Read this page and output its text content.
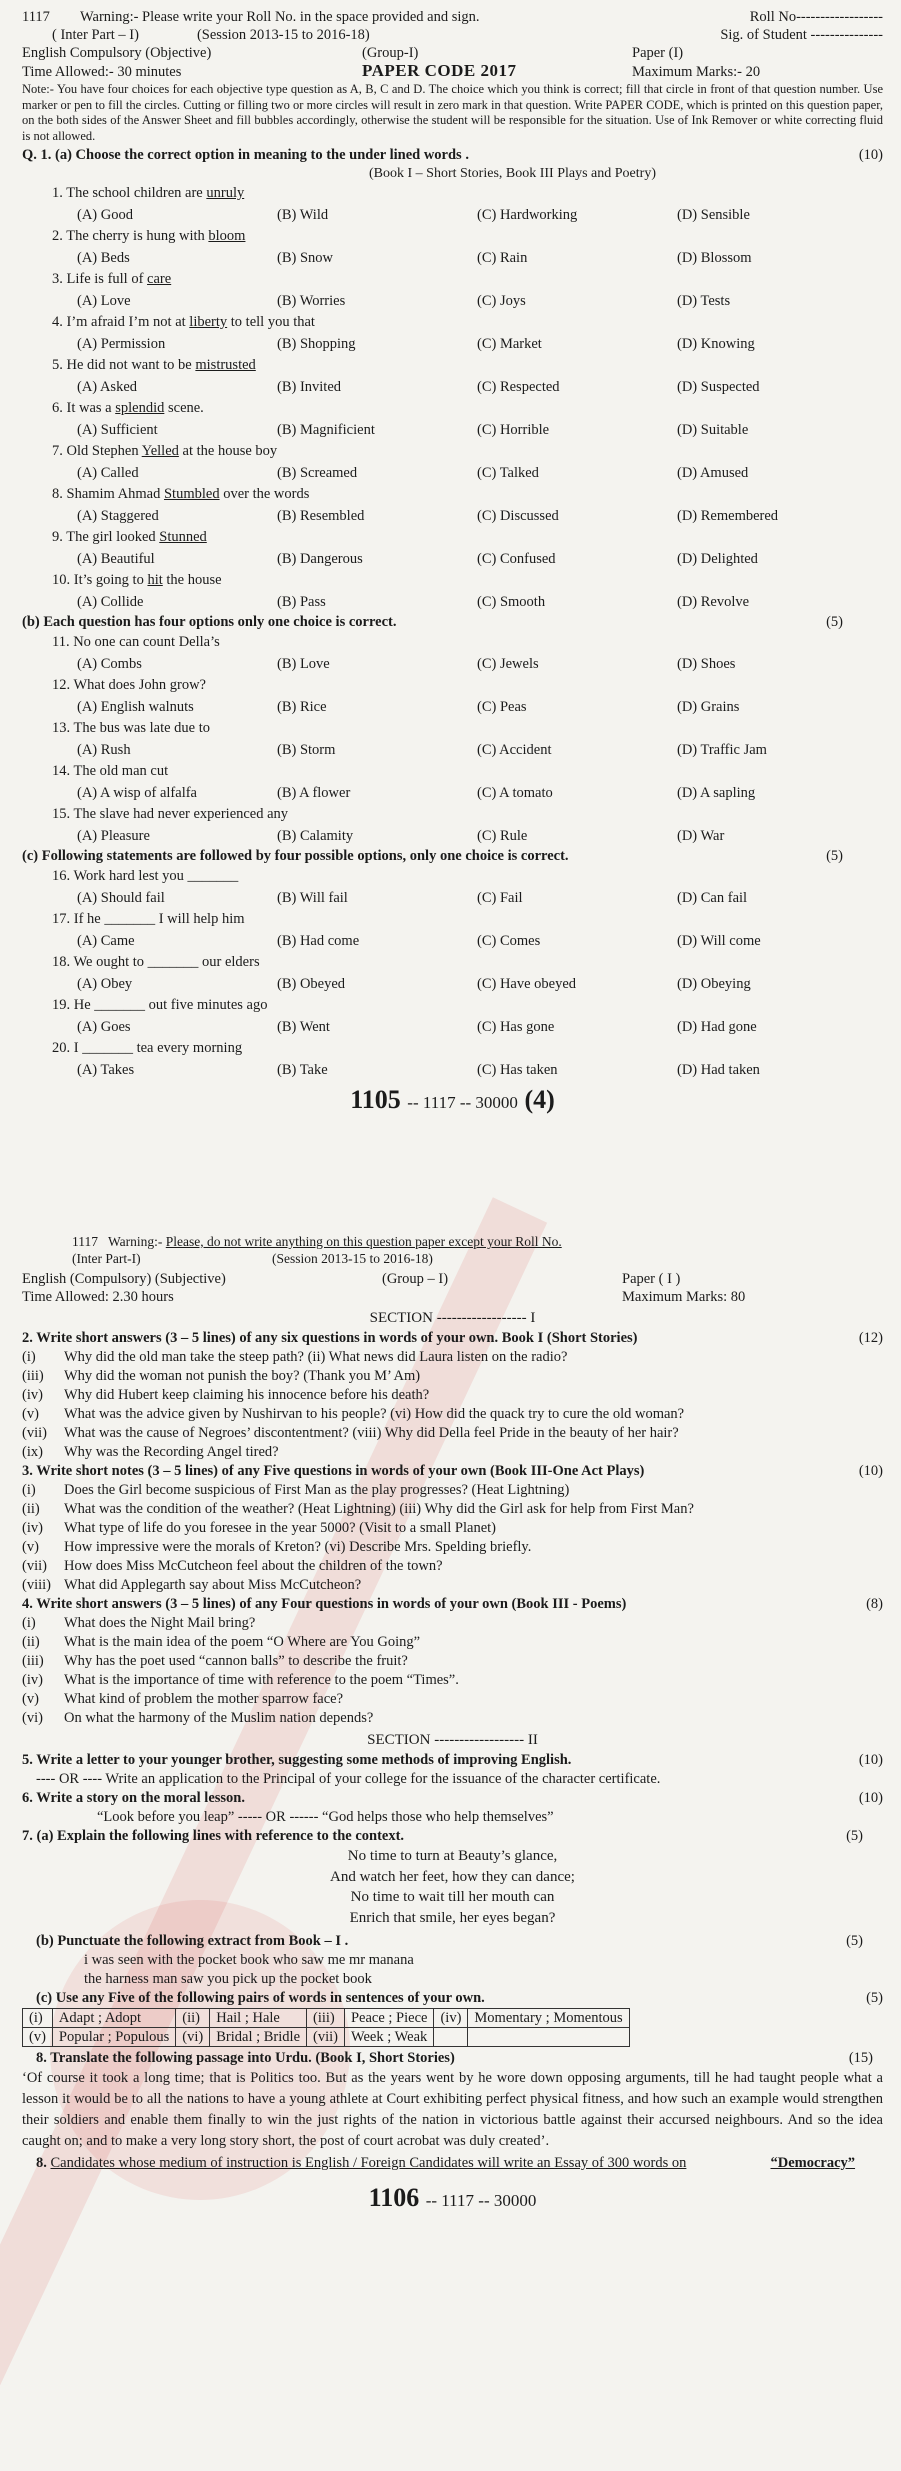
1117	Warning:- Please write your Roll No. in the space provided and sign.	Roll No------------------
( Inter Part – I)	(Session 2013-15 to 2016-18)	Sig. of Student ---------------
English Compulsory (Objective)	(Group-I)	Paper (I)
Time Allowed:- 30 minutes	PAPER CODE 2017	Maximum Marks:- 20
Note:- You have four choices for each objective type question as A, B, C and D. The choice which you think is correct; fill that circle in front of that question number. Use marker or pen to fill the circles. Cutting or filling two or more circles will result in zero mark in that question. Write PAPER CODE, which is printed on this question paper, on the both sides of the Answer Sheet and fill bubbles accordingly, otherwise the student will be responsible for the situation. Use of Ink Remover or white correcting fluid is not allowed.
Q. 1. (a) Choose the correct option in meaning to the under lined words .	(10)
(Book I – Short Stories, Book III Plays and Poetry)
1. The school children are unruly
(A) Good	(B) Wild	(C) Hardworking	(D) Sensible
2. The cherry is hung with bloom
(A) Beds	(B) Snow	(C) Rain	(D) Blossom
3. Life is full of care
(A) Love	(B) Worries	(C) Joys	(D) Tests
4. I’m afraid I’m not at liberty to tell you that
(A) Permission	(B) Shopping	(C) Market	(D) Knowing
5. He did not want to be mistrusted
(A) Asked	(B) Invited	(C) Respected	(D) Suspected
6. It was a splendid scene.
(A) Sufficient	(B) Magnificient	(C) Horrible	(D) Suitable
7. Old Stephen Yelled at the house boy
(A) Called	(B) Screamed	(C) Talked	(D) Amused
8. Shamim Ahmad Stumbled over the words
(A) Staggered	(B) Resembled	(C) Discussed	(D) Remembered
9. The girl looked Stunned
(A) Beautiful	(B) Dangerous	(C) Confused	(D) Delighted
10. It’s going to hit the house
(A) Collide	(B) Pass	(C) Smooth	(D) Revolve
(b) Each question has four options only one choice is correct.	(5)
11. No one can count Della’s
(A) Combs	(B) Love	(C) Jewels	(D) Shoes
12. What does John grow?
(A) English walnuts	(B) Rice	(C) Peas	(D) Grains
13. The bus was late due to
(A) Rush	(B) Storm	(C) Accident	(D) Traffic Jam
14. The old man cut
(A) A wisp of alfalfa	(B) A flower	(C) A tomato	(D) A sapling
15. The slave had never experienced any
(A) Pleasure	(B) Calamity	(C) Rule	(D) War
(c) Following statements are followed by four possible options, only one choice is correct.	(5)
16. Work hard lest you _______
(A) Should fail	(B) Will fail	(C) Fail	(D) Can fail
17. If he _______ I will help him
(A) Came	(B) Had come	(C) Comes	(D) Will come
18. We ought to _______ our elders
(A) Obey	(B) Obeyed	(C) Have obeyed	(D) Obeying
19. He _______ out five minutes ago
(A) Goes	(B) Went	(C) Has gone	(D) Had gone
20. I _______ tea every morning
(A) Takes	(B) Take	(C) Has taken	(D) Had taken
1105 -- 1117 -- 30000 (4)
1117 Warning:- Please, do not write anything on this question paper except your Roll No.
(Inter Part-I)	(Session 2013-15 to 2016-18)
English (Compulsory) (Subjective)	(Group – I)	Paper ( I )
Time Allowed: 2.30 hours	Maximum Marks: 80
SECTION ------------------ I
2. Write short answers (3 – 5 lines) of any six questions in words of your own. Book I (Short Stories)	(12)
(i)	Why did the old man take the steep path? (ii) What news did Laura listen on the radio?
(iii)	Why did the woman not punish the boy? (Thank you M’ Am)
(iv)	Why did Hubert keep claiming his innocence before his death?
(v)	What was the advice given by Nushirvan to his people? (vi) How did the quack try to cure the old woman?
(vii)	What was the cause of Negroes’ discontentment? (viii) Why did Della feel Pride in the beauty of her hair?
(ix)	Why was the Recording Angel tired?
3. Write short notes (3 – 5 lines) of any Five questions in words of your own (Book III-One Act Plays)	(10)
(i)	Does the Girl become suspicious of First Man as the play progresses? (Heat Lightning)
(ii)	What was the condition of the weather? (Heat Lightning) (iii) Why did the Girl ask for help from First Man?
(iv)	What type of life do you foresee in the year 5000? (Visit to a small Planet)
(v)	How impressive were the morals of Kreton? (vi) Describe Mrs. Spelding briefly.
(vii)	How does Miss McCutcheon feel about the children of the town?
(viii) What did Applegarth say about Miss McCutcheon?
4. Write short answers (3 – 5 lines) of any Four questions in words of your own (Book III - Poems)	(8)
(i)	What does the Night Mail bring?
(ii)	What is the main idea of the poem “O Where are You Going”
(iii)	Why has the poet used “cannon balls” to describe the fruit?
(iv)	What is the importance of time with reference to the poem “Times”.
(v)	What kind of problem the mother sparrow face?
(vi)	On what the harmony of the Muslim nation depends?
SECTION ------------------ II
5. Write a letter to your younger brother, suggesting some methods of improving English.	(10)
---- OR ---- Write an application to the Principal of your college for the issuance of the character certificate.
6. Write a story on the moral lesson.	(10)
“Look before you leap” ----- OR ------ “God helps those who help themselves”
7. (a) Explain the following lines with reference to the context.	(5)
No time to turn at Beauty’s glance,
And watch her feet, how they can dance;
No time to wait till her mouth can
Enrich that smile, her eyes began?
(b) Punctuate the following extract from Book – I .	(5)
i was seen with the pocket book who saw me mr manana
the harness man saw you pick up the pocket book
(c) Use any Five of the following pairs of words in sentences of your own.	(5)
(i)	Adapt ; Adopt	(ii)	Hail ; Hale	(iii)	Peace ; Piece	(iv)	Momentary ; Momentous
(v)	Popular ; Populous	(vi)	Bridal ; Bridle	(vii)	Week ; Weak		
8. Translate the following passage into Urdu. (Book I, Short Stories)	(15)
‘Of course it took a long time; that is Politics too. But as the years went by he wore down opposing arguments, till he had taught people what a lesson it would be to all the nations to have a young athlete at Court exhibiting perfect physical fitness, and how such an example would strengthen their soldiers and enable them finally to win the just rights of the nation in victorious battle against their accursed neighbours. And so the idea caught on; and to make a very long story short, the post of court acrobat was duly created’.
8. Candidates whose medium of instruction is English / Foreign Candidates will write an Essay of 300 words on	“Democracy”
1106 -- 1117 -- 30000
